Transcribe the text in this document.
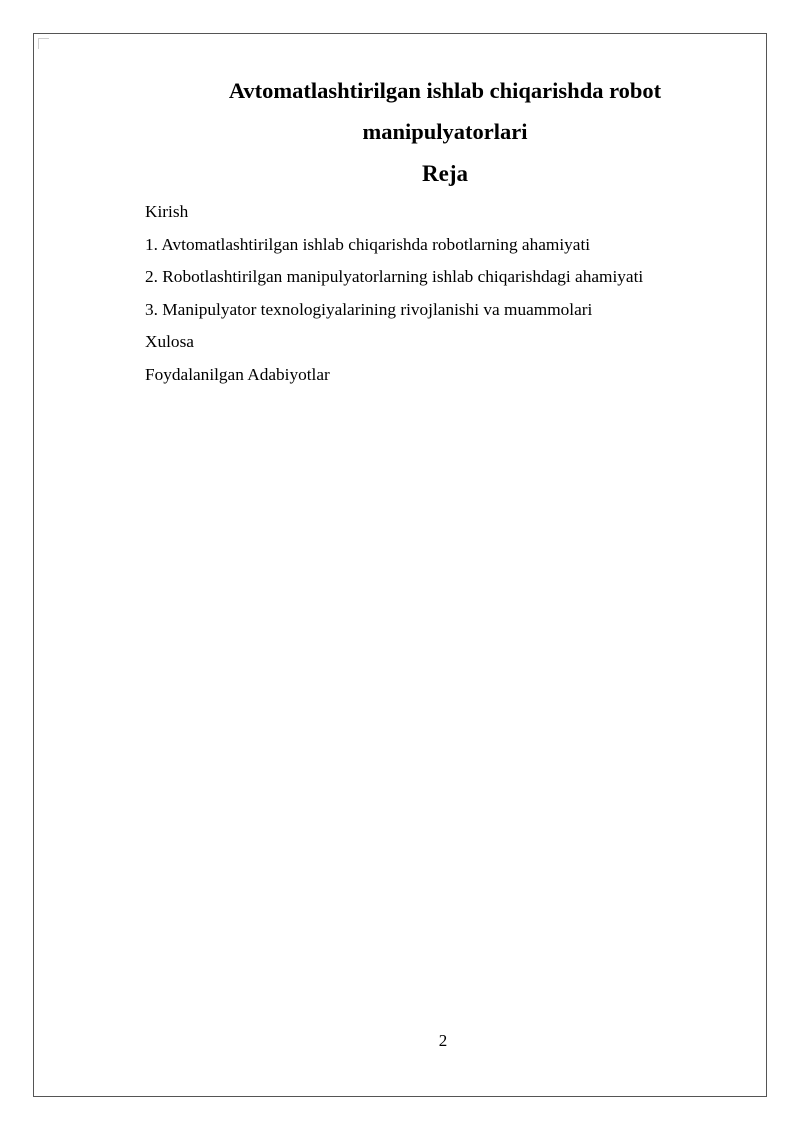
Avtomatlashtirilgan ishlab chiqarishda robot
manipulyatorlari
Reja
Kirish
1. Avtomatlashtirilgan ishlab chiqarishda robotlarning ahamiyati
2. Robotlashtirilgan manipulyatorlarning ishlab chiqarishdagi ahamiyati
3. Manipulyator texnologiyalarining rivojlanishi va muammolari
Xulosa
Foydalanilgan Adabiyotlar
2
